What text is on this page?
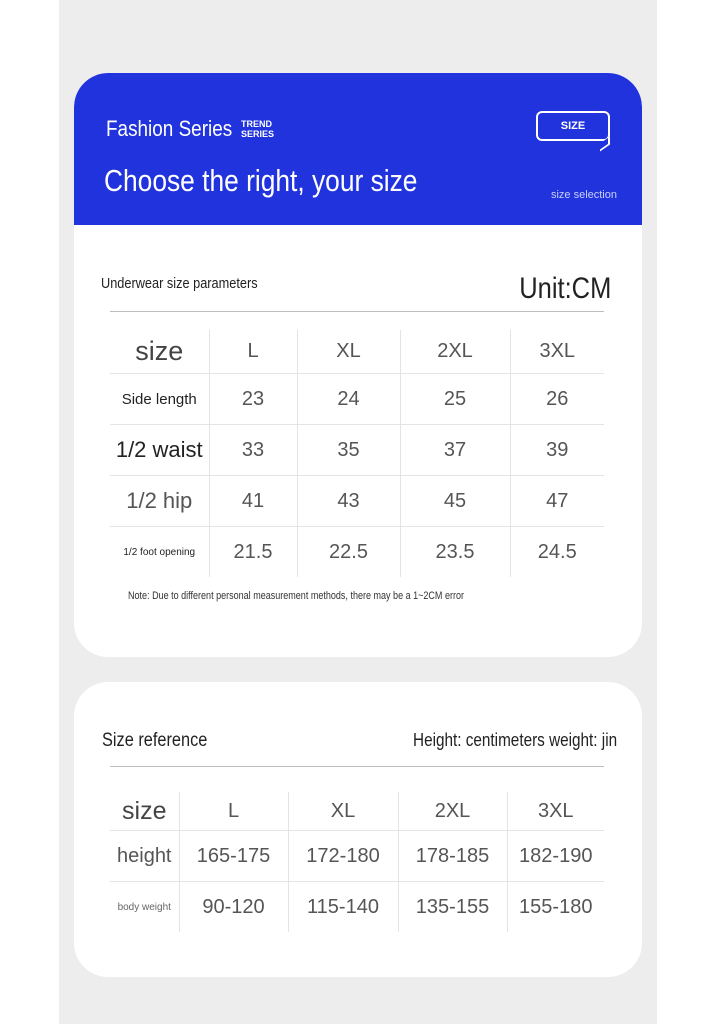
Fashion Series TREND
SERIES
SIZE
Choose the right, your size	size selection
Underwear size parameters	Unit:CM
size	L	XL	2XL	3XL
Side length	23	24	25	26
1/2 waist	33	35	37	39
1/2 hip	41	43	45	47
1/2 foot opening	21.5	22.5	23.5	24.5
Note: Due to different personal measurement methods, there may be a 1~2CM error
Size reference	Height: centimeters weight: jin
size	L	XL	2XL	3XL
height	165-175	172-180	178-185	182-190
body weight	90-120	115-140	135-155	155-180
